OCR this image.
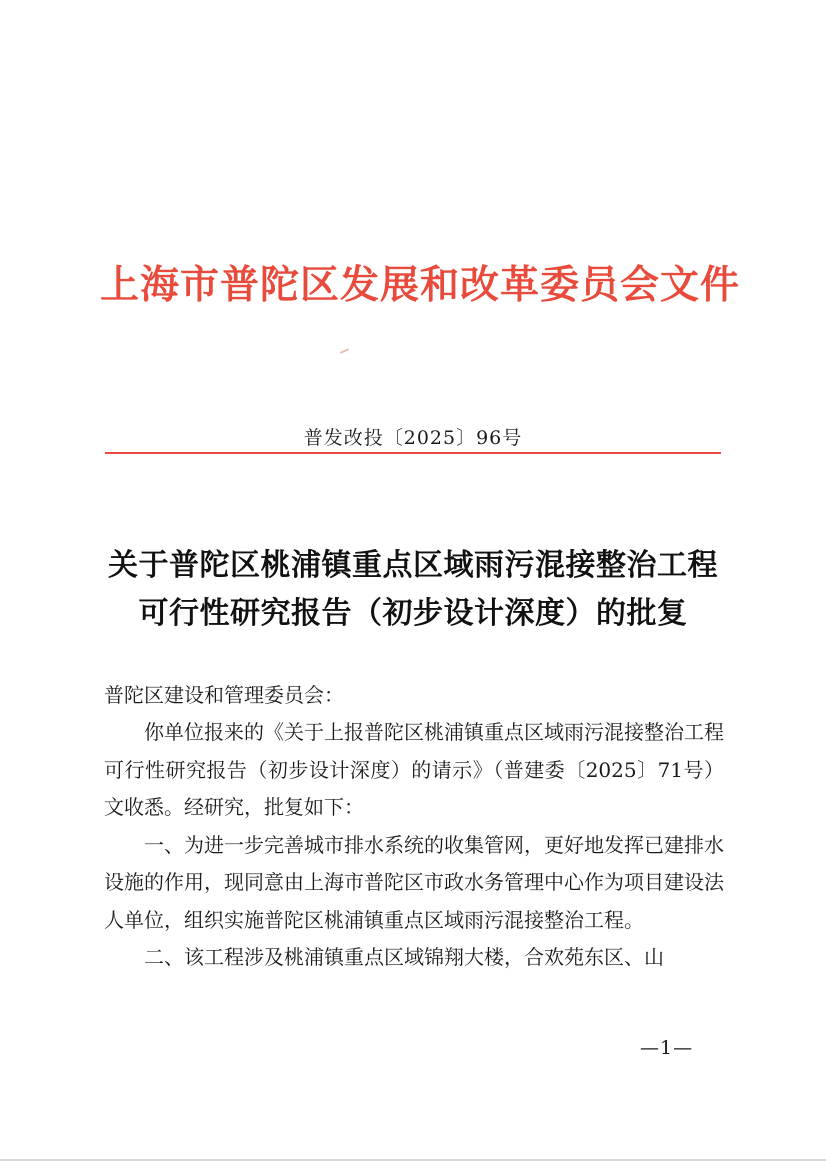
上海市普陀区发展和改革委员会文件
普发改投〔2025〕96号
关于普陀区桃浦镇重点区域雨污混接整治工程
可行性研究报告（初步设计深度）的批复
普陀区建设和管理委员会：

你单位报来的《关于上报普陀区桃浦镇重点区域雨污混接整治工程可行性研究报告（初步设计深度）的请示》（普建委〔2025〕71号）文收悉。经研究，批复如下：

一、为进一步完善城市排水系统的收集管网，更好地发挥已建排水设施的作用，现同意由上海市普陀区市政水务管理中心作为项目建设法人单位，组织实施普陀区桃浦镇重点区域雨污混接整治工程。

二、该工程涉及桃浦镇重点区域锦翔大楼，合欢苑东区、山

—1—
